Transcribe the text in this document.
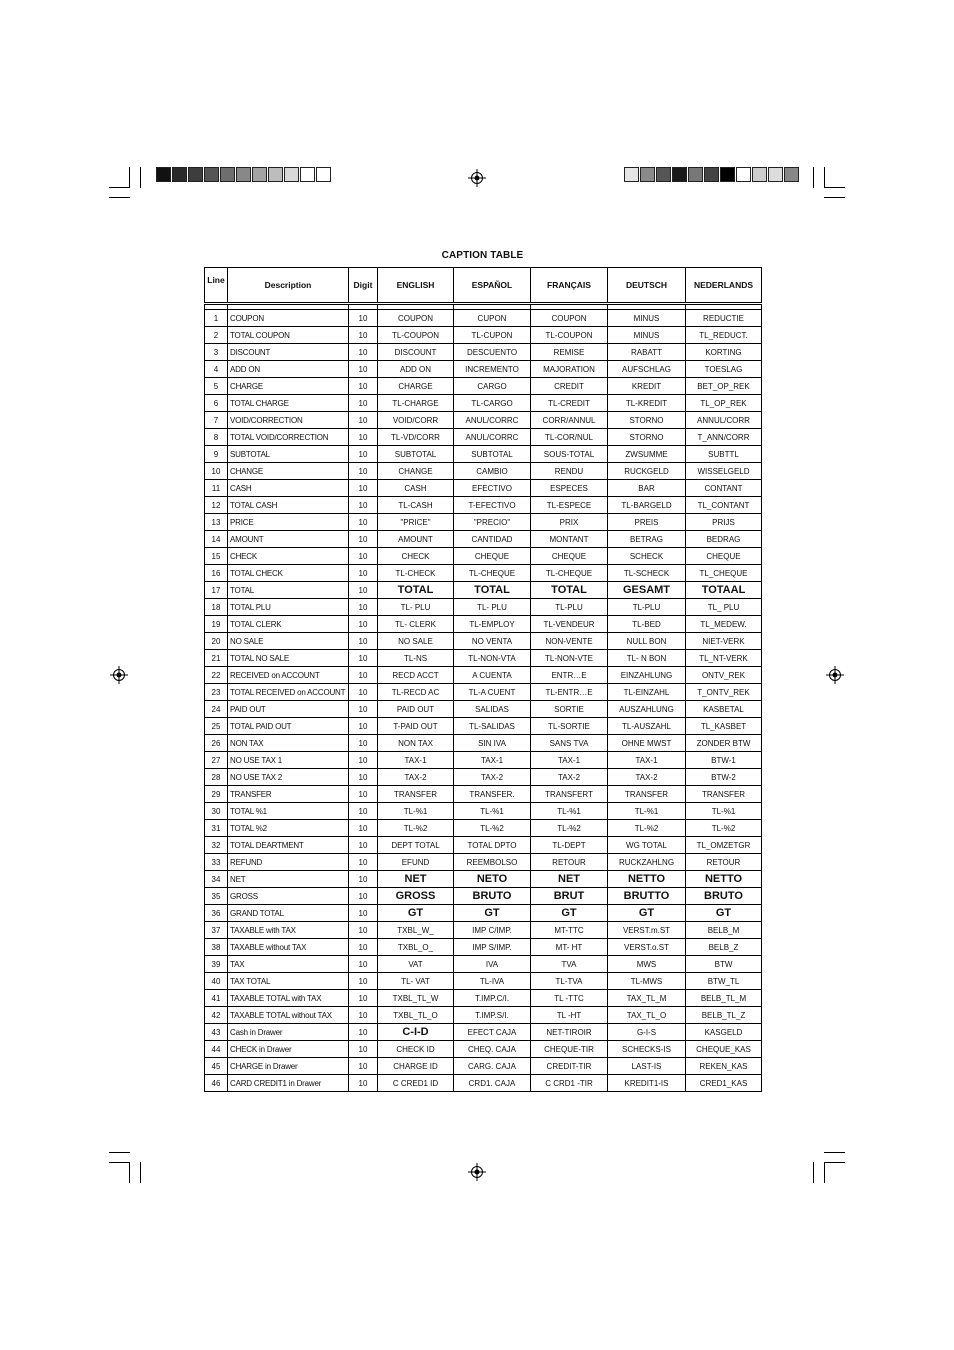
CAPTION TABLE
Line	Description	Digit	ENGLISH	ESPAÑOL	FRANÇAIS	DEUTSCH	NEDERLANDS

1	COUPON	10	COUPON	CUPON	COUPON	MINUS	REDUCTIE
2	TOTAL COUPON	10	TL-COUPON	TL-CUPON	TL-COUPON	MINUS	TL_REDUCT.
3	DISCOUNT	10	DISCOUNT	DESCUENTO	REMISE	RABATT	KORTING
4	ADD ON	10	ADD ON	INCREMENTO	MAJORATION	AUFSCHLAG	TOESLAG
5	CHARGE	10	CHARGE	CARGO	CREDIT	KREDIT	BET_OP_REK
6	TOTAL CHARGE	10	TL-CHARGE	TL-CARGO	TL-CREDIT	TL-KREDIT	TL_OP_REK
7	VOID/CORRECTION	10	VOID/CORR	ANUL/CORRC	CORR/ANNUL	STORNO	ANNUL/CORR
8	TOTAL VOID/CORRECTION	10	TL-VD/CORR	ANUL/CORRC	TL-COR/NUL	STORNO	T_ANN/CORR
9	SUBTOTAL	10	SUBTOTAL	SUBTOTAL	SOUS-TOTAL	ZWSUMME	SUBTTL
10	CHANGE	10	CHANGE	CAMBIO	RENDU	RUCKGELD	WISSELGELD
11	CASH	10	CASH	EFECTIVO	ESPECES	BAR	CONTANT
12	TOTAL CASH	10	TL-CASH	T-EFECTIVO	TL-ESPECE	TL-BARGELD	TL_CONTANT
13	PRICE	10	"PRICE"	"PRECIO"	PRIX	PREIS	PRIJS
14	AMOUNT	10	AMOUNT	CANTIDAD	MONTANT	BETRAG	BEDRAG
15	CHECK	10	CHECK	CHEQUE	CHEQUE	SCHECK	CHEQUE
16	TOTAL CHECK	10	TL-CHECK	TL-CHEQUE	TL-CHEQUE	TL-SCHECK	TL_CHEQUE
17	TOTAL	10	TOTAL	TOTAL	TOTAL	GESAMT	TOTAAL
18	TOTAL PLU	10	TL- PLU	TL- PLU	TL-PLU	TL-PLU	TL_ PLU
19	TOTAL CLERK	10	TL- CLERK	TL-EMPLOY	TL-VENDEUR	TL-BED	TL_MEDEW.
20	NO SALE	10	NO SALE	NO VENTA	NON-VENTE	NULL BON	NIET-VERK
21	TOTAL NO SALE	10	TL-NS	TL-NON-VTA	TL-NON-VTE	TL- N BON	TL_NT-VERK
22	RECEIVED on ACCOUNT	10	RECD ACCT	A CUENTA	ENTR…E	EINZAHLUNG	ONTV_REK
23	TOTAL RECEIVED on ACCOUNT	10	TL-RECD AC	TL-A CUENT	TL-ENTR…E	TL-EINZAHL	T_ONTV_REK
24	PAID OUT	10	PAID OUT	SALIDAS	SORTIE	AUSZAHLUNG	KASBETAL
25	TOTAL PAID OUT	10	T-PAID OUT	TL-SALIDAS	TL-SORTIE	TL-AUSZAHL	TL_KASBET
26	NON TAX	10	NON TAX	SIN IVA	SANS TVA	OHNE MWST	ZONDER BTW
27	NO USE TAX 1	10	TAX-1	TAX-1	TAX-1	TAX-1	BTW-1
28	NO USE TAX 2	10	TAX-2	TAX-2	TAX-2	TAX-2	BTW-2
29	TRANSFER	10	TRANSFER	TRANSFER.	TRANSFERT	TRANSFER	TRANSFER
30	TOTAL %1	10	TL-%1	TL-%1	TL-%1	TL-%1	TL-%1
31	TOTAL %2	10	TL-%2	TL-%2	TL-%2	TL-%2	TL-%2
32	TOTAL DEARTMENT	10	DEPT TOTAL	TOTAL DPTO	TL-DEPT	WG TOTAL	TL_OMZETGR
33	REFUND	10	EFUND	REEMBOLSO	RETOUR	RUCKZAHLNG	RETOUR
34	NET	10	NET	NETO	NET	NETTO	NETTO
35	GROSS	10	GROSS	BRUTO	BRUT	BRUTTO	BRUTO
36	GRAND TOTAL	10	GT	GT	GT	GT	GT
37	TAXABLE with TAX	10	TXBL_W_	IMP C/IMP.	MT-TTC	VERST.m.ST	BELB_M
38	TAXABLE without TAX	10	TXBL_O_	IMP S/IMP.	MT- HT	VERST.o.ST	BELB_Z
39	TAX	10	VAT	IVA	TVA	MWS	BTW
40	TAX TOTAL	10	TL- VAT	TL-IVA	TL-TVA	TL-MWS	BTW_TL
41	TAXABLE TOTAL with TAX	10	TXBL_TL_W	T.IMP.C/I.	TL -TTC	TAX_TL_M	BELB_TL_M
42	TAXABLE TOTAL without TAX	10	TXBL_TL_O	T.IMP.S/I.	TL -HT	TAX_TL_O	BELB_TL_Z
43	Cash in Drawer	10	C-I-D	EFECT CAJA	NET-TIROIR	G-I-S	KASGELD
44	CHECK in Drawer	10	CHECK ID	CHEQ. CAJA	CHEQUE-TIR	SCHECKS-IS	CHEQUE_KAS
45	CHARGE in Drawer	10	CHARGE ID	CARG. CAJA	CREDIT-TIR	LAST-IS	REKEN_KAS
46	CARD CREDIT1 in Drawer	10	C CRED1 ID	CRD1. CAJA	C CRD1 -TIR	KREDIT1-IS	CRED1_KAS
